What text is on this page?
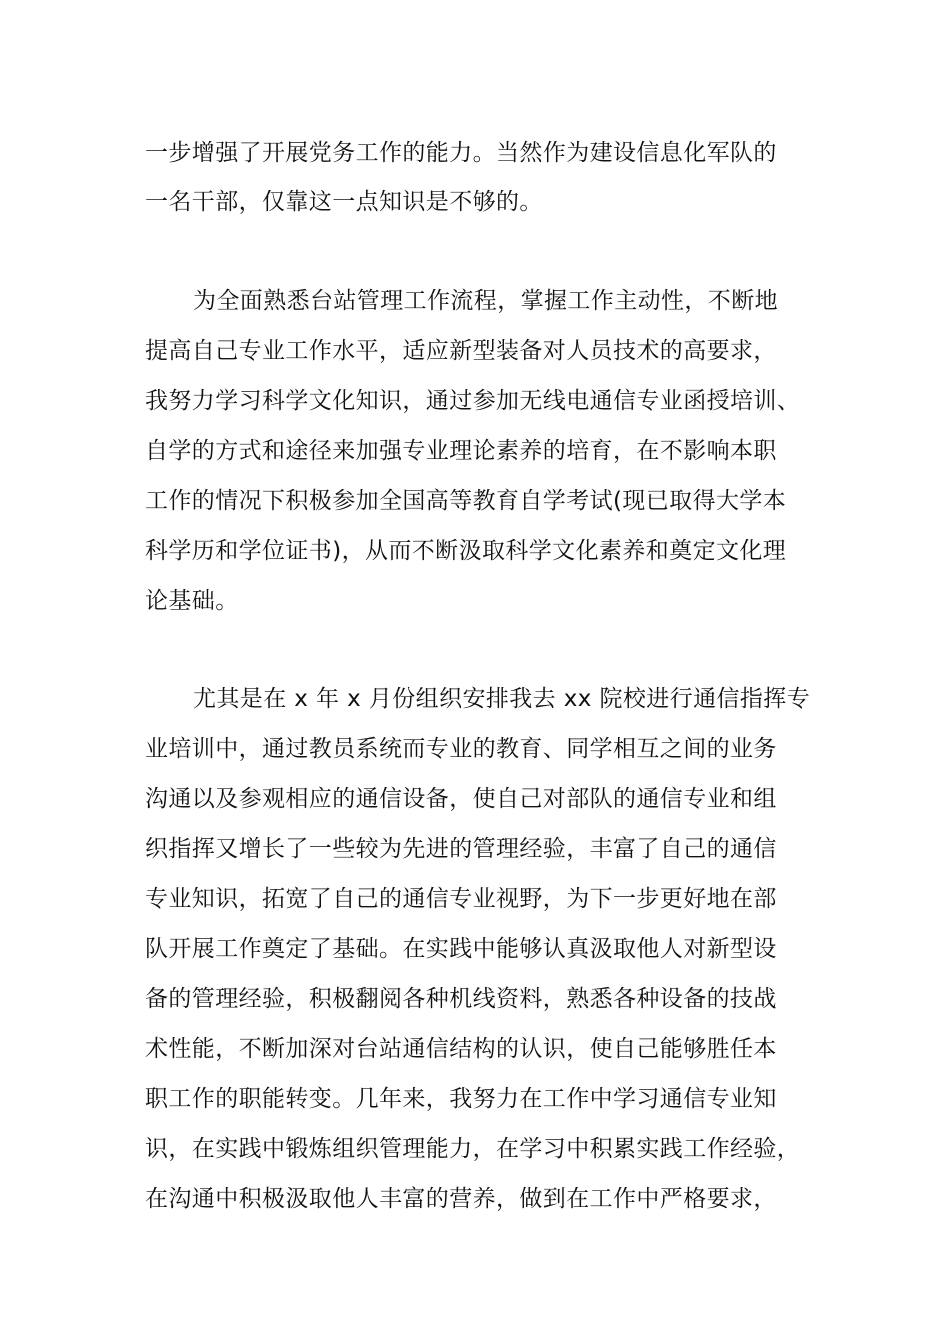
一步增强了开展党务工作的能力。当然作为建设信息化军队的
一名干部，仅靠这一点知识是不够的。
为全面熟悉台站管理工作流程，掌握工作主动性，不断地
提高自己专业工作水平，适应新型装备对人员技术的高要求，
我努力学习科学文化知识，通过参加无线电通信专业函授培训、
自学的方式和途径来加强专业理论素养的培育，在不影响本职
工作的情况下积极参加全国高等教育自学考试(现已取得大学本
科学历和学位证书)，从而不断汲取科学文化素养和奠定文化理
论基础。
尤其是在 x 年 x 月份组织安排我去 xx 院校进行通信指挥专
业培训中，通过教员系统而专业的教育、同学相互之间的业务
沟通以及参观相应的通信设备，使自己对部队的通信专业和组
织指挥又增长了一些较为先进的管理经验，丰富了自己的通信
专业知识，拓宽了自己的通信专业视野，为下一步更好地在部
队开展工作奠定了基础。在实践中能够认真汲取他人对新型设
备的管理经验，积极翻阅各种机线资料，熟悉各种设备的技战
术性能，不断加深对台站通信结构的认识，使自己能够胜任本
职工作的职能转变。几年来，我努力在工作中学习通信专业知
识，在实践中锻炼组织管理能力，在学习中积累实践工作经验，
在沟通中积极汲取他人丰富的营养，做到在工作中严格要求，
